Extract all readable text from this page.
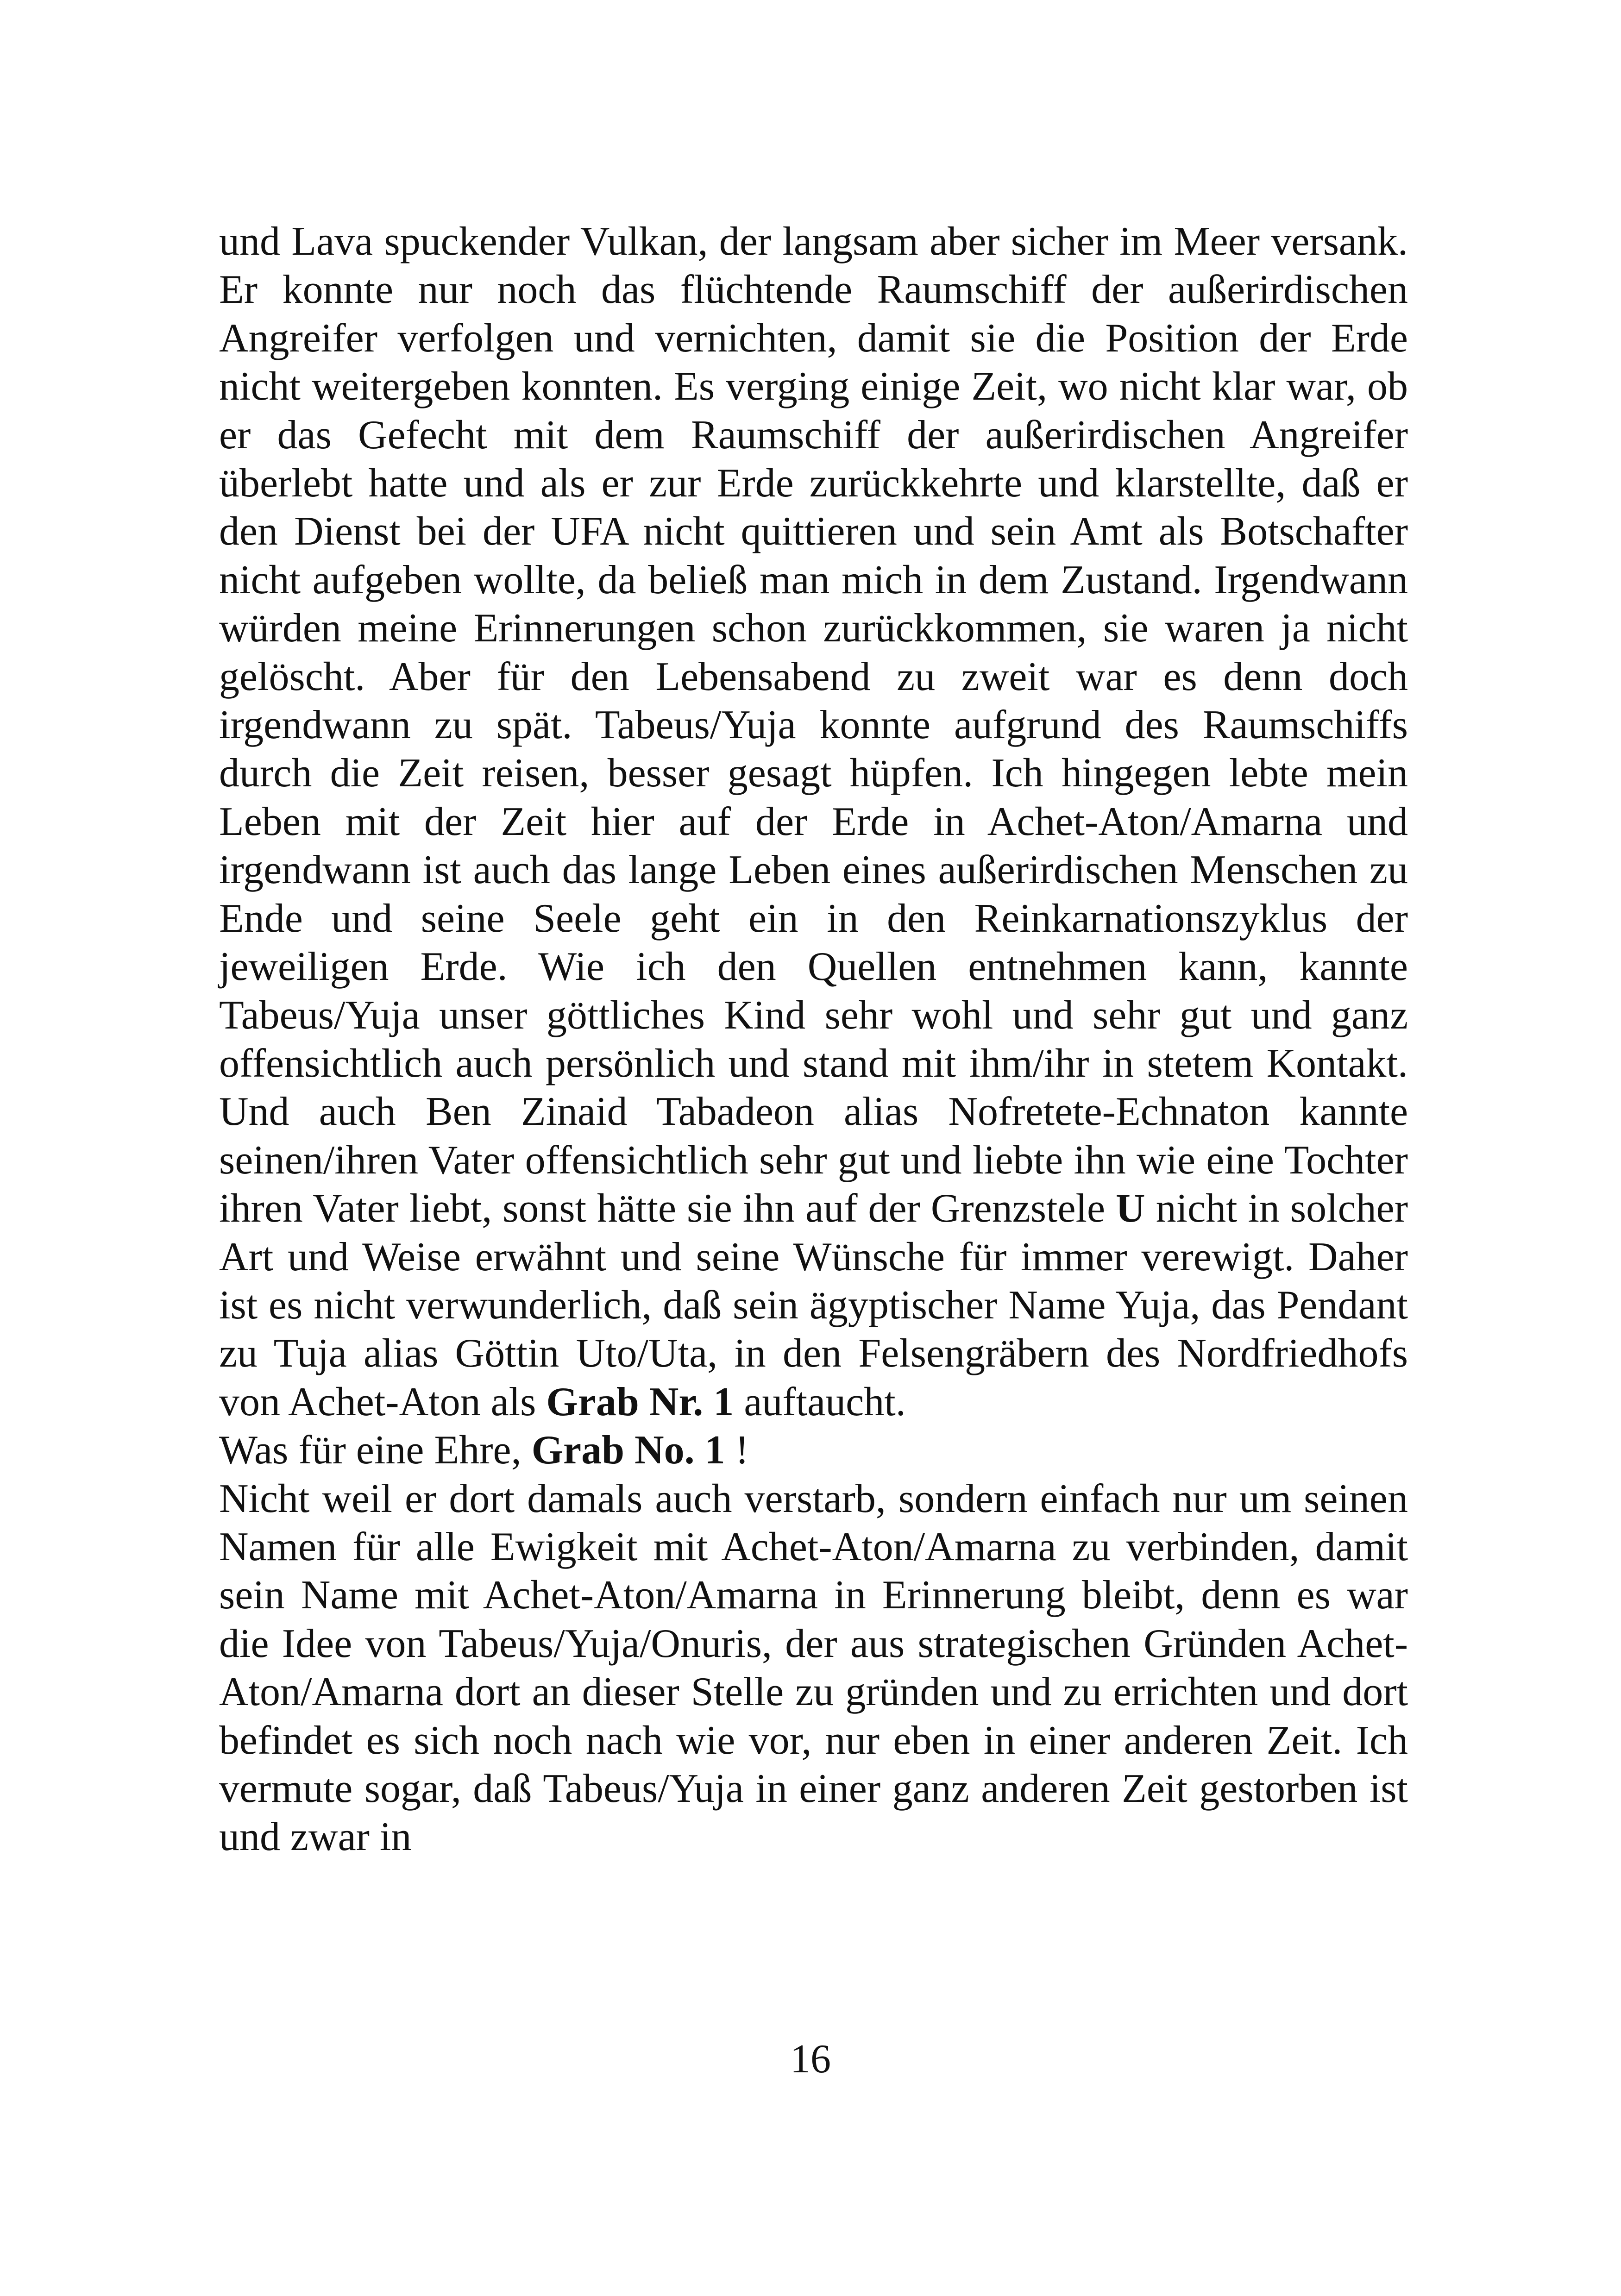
und Lava spuckender Vulkan, der langsam aber sicher im Meer versank. Er konnte nur noch das flüchtende Raumschiff der außerirdischen Angreifer verfolgen und vernichten, damit sie die Position der Erde nicht weitergeben konnten. Es verging einige Zeit, wo nicht klar war, ob er das Gefecht mit dem Raumschiff der außerirdischen Angreifer überlebt hatte und als er zur Erde zurückkehrte und klarstellte, daß er den Dienst bei der UFA nicht quittieren und sein Amt als Botschafter nicht aufgeben wollte, da beließ man mich in dem Zustand. Irgendwann würden meine Erinnerungen schon zurückkommen, sie waren ja nicht gelöscht. Aber für den Lebensabend zu zweit war es denn doch irgendwann zu spät. Tabeus/Yuja konnte aufgrund des Raumschiffs durch die Zeit reisen, besser gesagt hüpfen. Ich hingegen lebte mein Leben mit der Zeit hier auf der Erde in Achet-Aton/Amarna und irgendwann ist auch das lange Leben eines außerirdischen Menschen zu Ende und seine Seele geht ein in den Reinkarnationszyklus der jeweiligen Erde. Wie ich den Quellen entnehmen kann, kannte Tabeus/Yuja unser göttliches Kind sehr wohl und sehr gut und ganz offensichtlich auch persönlich und stand mit ihm/ihr in stetem Kontakt. Und auch Ben Zinaid Tabadeon alias Nofretete-Echnaton kannte seinen/ihren Vater offensichtlich sehr gut und liebte ihn wie eine Tochter ihren Vater liebt, sonst hätte sie ihn auf der Grenzstele U nicht in solcher Art und Weise erwähnt und seine Wünsche für immer verewigt. Daher ist es nicht verwunderlich, daß sein ägyptischer Name Yuja, das Pendant zu Tuja alias Göttin Uto/Uta, in den Felsengräbern des Nordfriedhofs von Achet-Aton als Grab Nr. 1 auftaucht.

Was für eine Ehre, Grab No. 1 !

Nicht weil er dort damals auch verstarb, sondern einfach nur um seinen Namen für alle Ewigkeit mit Achet-Aton/Amarna zu verbinden, damit sein Name mit Achet-Aton/Amarna in Erinnerung bleibt, denn es war die Idee von Tabeus/Yuja/Onuris, der aus strategischen Gründen Achet-Aton/Amarna dort an dieser Stelle zu gründen und zu errichten und dort befindet es sich noch nach wie vor, nur eben in einer anderen Zeit. Ich vermute sogar, daß Tabeus/Yuja in einer ganz anderen Zeit gestorben ist und zwar in

16
